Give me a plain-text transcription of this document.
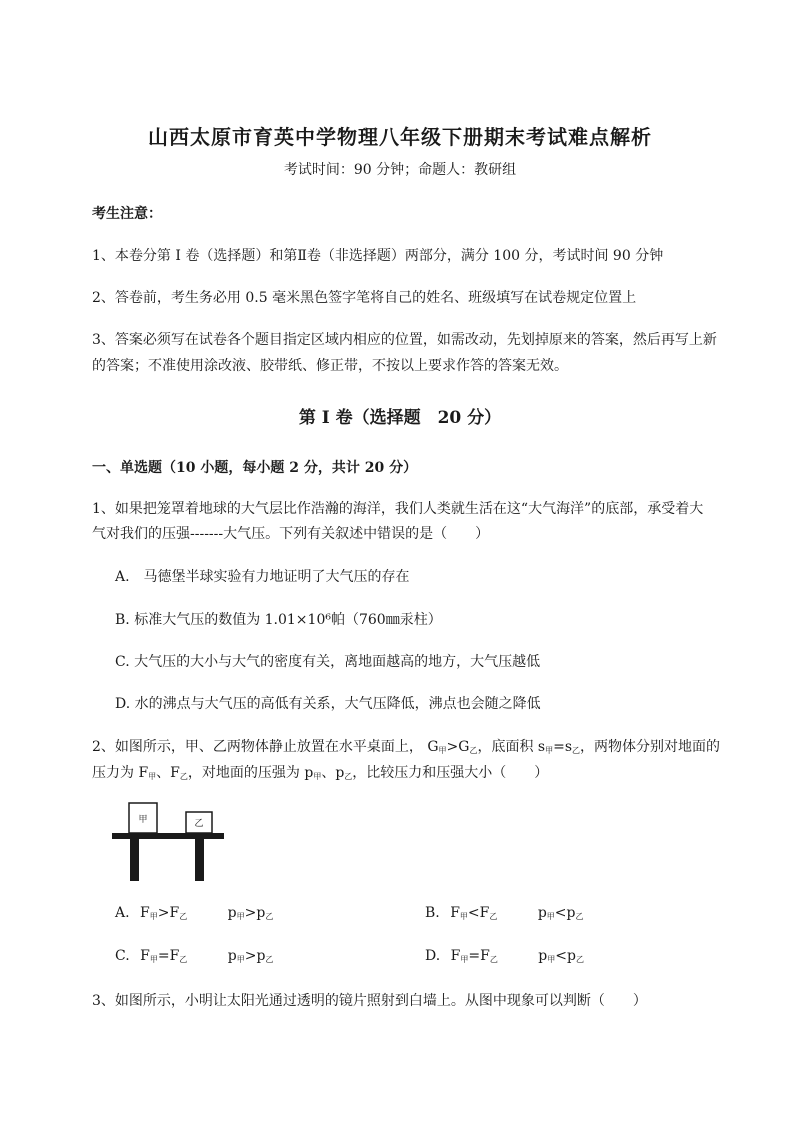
山西太原市育英中学物理八年级下册期末考试难点解析
考试时间：90 分钟；命题人：教研组
考生注意：
1、本卷分第 I 卷（选择题）和第Ⅱ卷（非选择题）两部分，满分 100 分，考试时间 90 分钟
2、答卷前，考生务必用 0.5 毫米黑色签字笔将自己的姓名、班级填写在试卷规定位置上
3、答案必须写在试卷各个题目指定区域内相应的位置，如需改动，先划掉原来的答案，然后再写上新
的答案；不准使用涂改液、胶带纸、修正带，不按以上要求作答的答案无效。
第 I 卷（选择题　20 分）
一、单选题（10 小题，每小题 2 分，共计 20 分）
1、如果把笼罩着地球的大气层比作浩瀚的海洋，我们人类就生活在这“大气海洋”的底部，承受着大
气对我们的压强-------大气压。下列有关叙述中错误的是（　　）
A.　马德堡半球实验有力地证明了大气压的存在
B. 标准大气压的数值为 1.01×10⁶帕（760㎜汞柱）
C. 大气压的大小与大气的密度有关，离地面越高的地方，大气压越低
D. 水的沸点与大气压的高低有关系，大气压降低，沸点也会随之降低
2、如图所示，甲、乙两物体静止放置在水平桌面上， $G_甲>G_乙$，底面积 $s_甲=s_乙$，两物体分别对地面的
压力为 $F_甲$、$F_乙$，对地面的压强为 $p_甲$、$p_乙$，比较压力和压强大小（　　）
甲	乙
A. $F_甲>F_乙$	$p_甲>p_乙$	B. $F_甲<F_乙$	$p_甲<p_乙$
C. $F_甲=F_乙$	$p_甲>p_乙$	D. $F_甲=F_乙$	$p_甲<p_乙$
3、如图所示，小明让太阳光通过透明的镜片照射到白墙上。从图中现象可以判断（　　）
